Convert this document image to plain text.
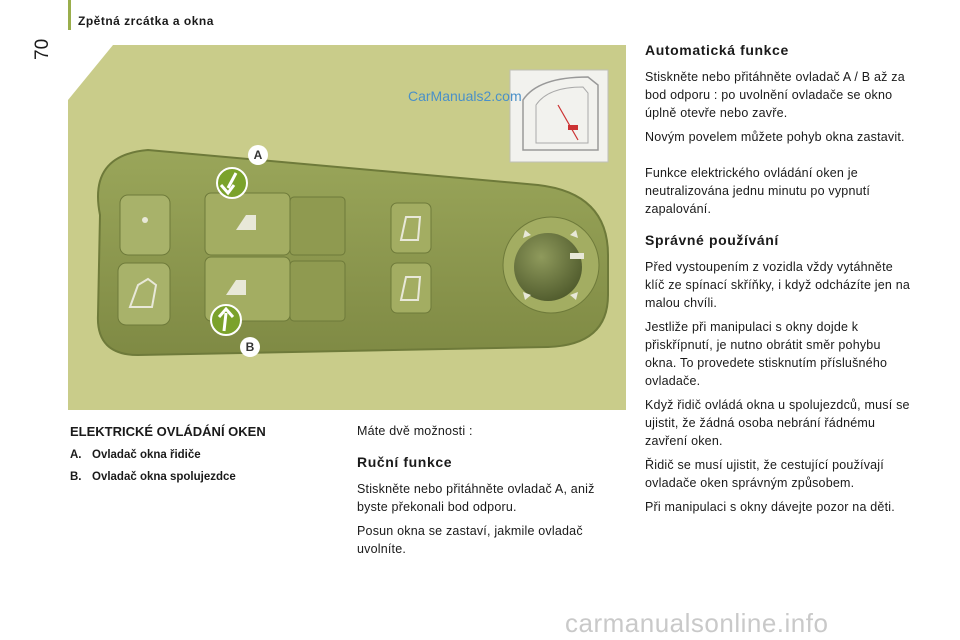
Zpětná zrcátka a okna
70
A
B
CarManuals2.com
ELEKTRICKÉ OVLÁDÁNÍ OKEN
A. Ovladač okna řidiče
B. Ovladač okna spolujezdce

Máte dvě možnosti :

Ruční funkce

Stiskněte nebo přitáhněte ovladač A, aniž byste překonali bod odporu.

Posun okna se zastaví, jakmile ovladač uvolníte.

Automatická funkce

Stiskněte nebo přitáhněte ovladač A / B až za bod odporu : po uvolnění ovladače se okno úplně otevře nebo zavře.

Novým povelem můžete pohyb okna zastavit.

Funkce elektrického ovládání oken je neutralizována jednu minutu po vypnutí zapalování.

Správné používání

Před vystoupením z vozidla vždy vytáhněte klíč ze spínací skříňky, i když odcházíte jen na malou chvíli.

Jestliže při manipulaci s okny dojde k přiskřípnutí, je nutno obrátit směr pohybu okna. To provedete stisknutím příslušného ovladače.

Když řidič ovládá okna u spolujezdců, musí se ujistit, že žádná osoba nebrání řádnému zavření oken.

Řidič se musí ujistit, že cestující používají ovladače oken správným způsobem.

Při manipulaci s okny dávejte pozor na děti.

carmanualsonline.info
